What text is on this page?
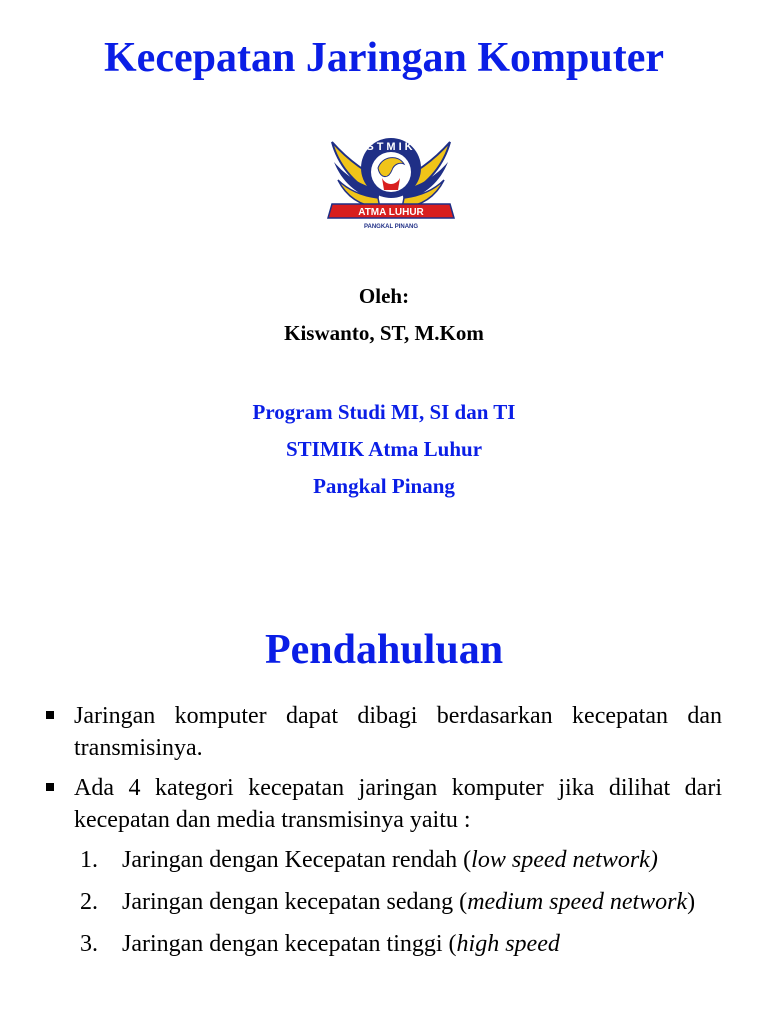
Kecepatan Jaringan Komputer
STMIK
ATMA LUHUR
PANGKAL PINANG
Oleh:
Kiswanto, ST, M.Kom
Program Studi MI, SI dan TI
STIMIK Atma Luhur
Pangkal Pinang
Pendahuluan
Jaringan komputer dapat dibagi berdasarkan kecepatan dan transmisinya.
Ada 4 kategori kecepatan jaringan komputer jika dilihat dari kecepatan dan media transmisinya yaitu :
1. Jaringan dengan Kecepatan rendah (low speed network)
2. Jaringan dengan kecepatan sedang (medium speed network)
3. Jaringan dengan kecepatan tinggi (high speed
